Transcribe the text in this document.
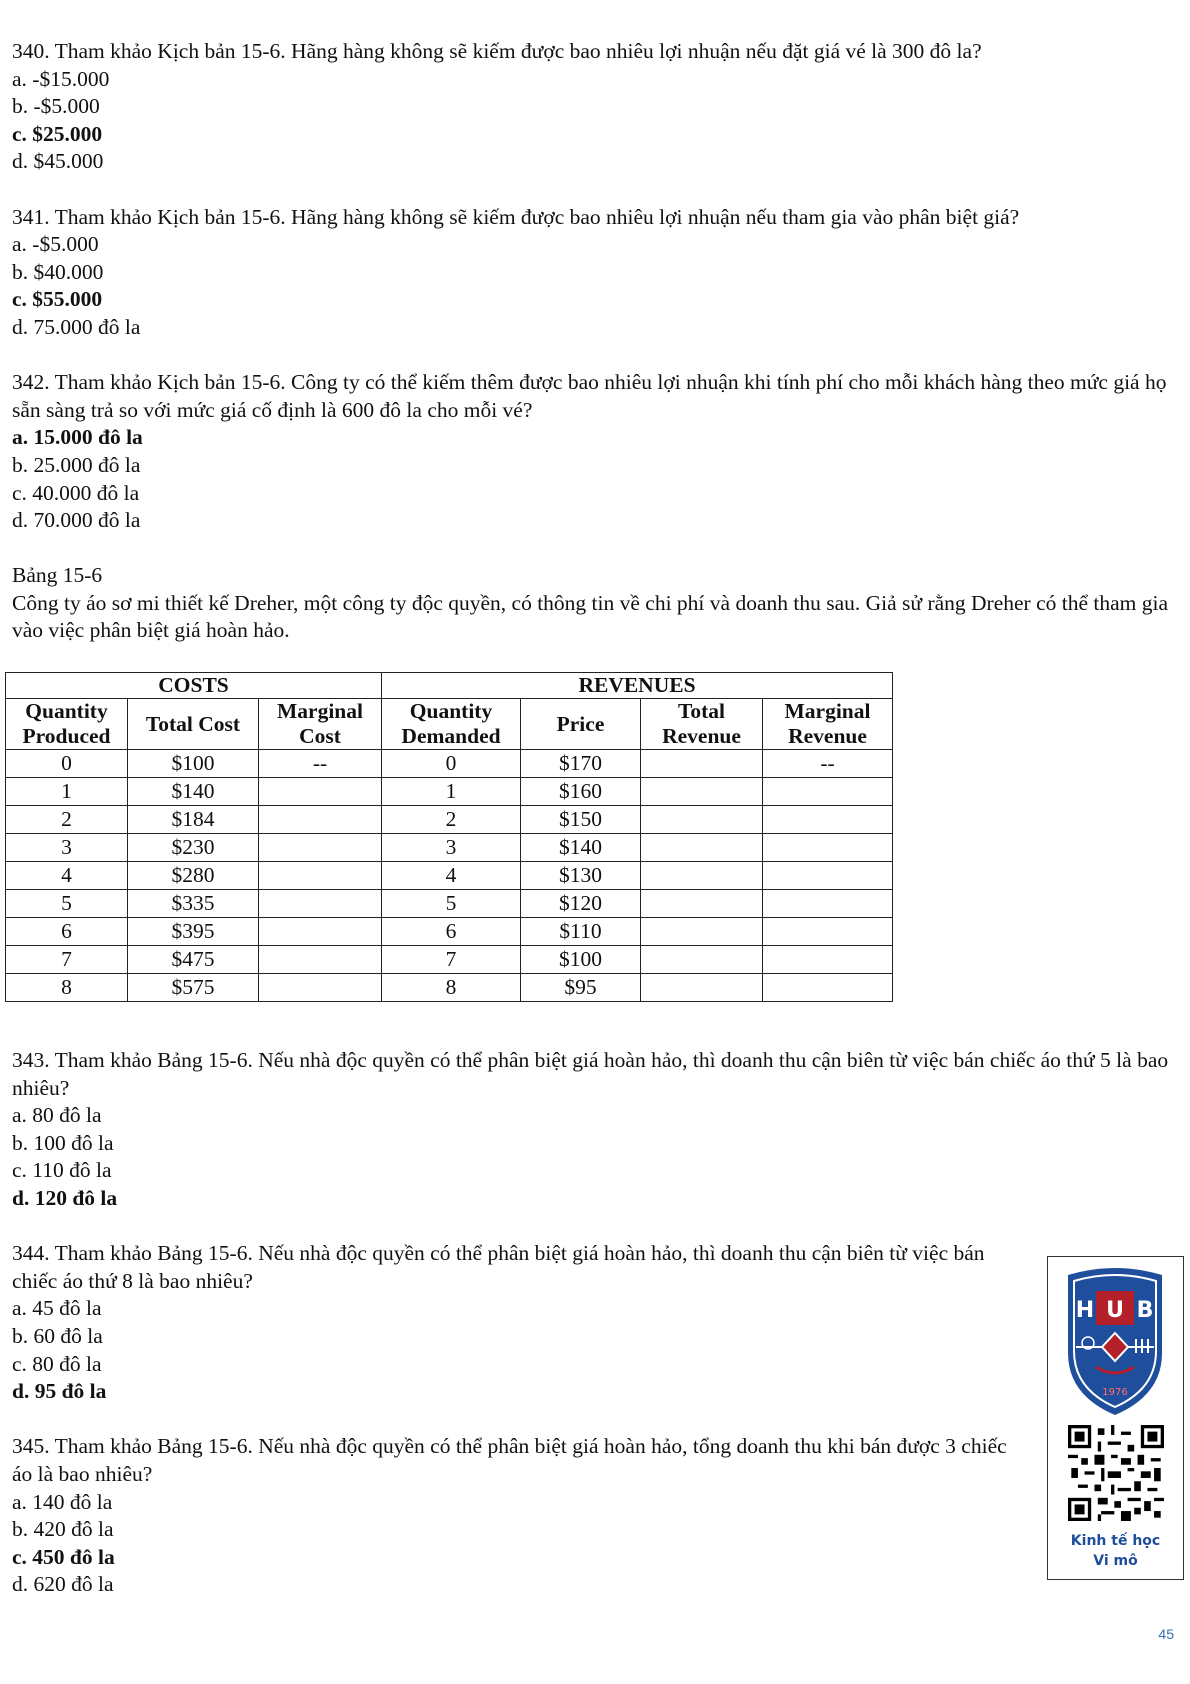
340. Tham khảo Kịch bản 15-6. Hãng hàng không sẽ kiếm được bao nhiêu lợi nhuận nếu đặt giá vé là 300 đô la?

a. -$15.000

b. -$5.000

c. $25.000

d. $45.000

341. Tham khảo Kịch bản 15-6. Hãng hàng không sẽ kiếm được bao nhiêu lợi nhuận nếu tham gia vào phân biệt giá?

a. -$5.000

b. $40.000

c. $55.000

d. 75.000 đô la

342. Tham khảo Kịch bản 15-6. Công ty có thể kiếm thêm được bao nhiêu lợi nhuận khi tính phí cho mỗi khách hàng theo mức giá họ sẵn sàng trả so với mức giá cố định là 600 đô la cho mỗi vé?

a. 15.000 đô la

b. 25.000 đô la

c. 40.000 đô la

d. 70.000 đô la

Bảng 15-6

Công ty áo sơ mi thiết kế Dreher, một công ty độc quyền, có thông tin về chi phí và doanh thu sau. Giả sử rằng Dreher có thể tham gia vào việc phân biệt giá hoàn hảo.

COSTS			REVENUES			
Quantity Produced	Total Cost	Marginal Cost	Quantity Demanded	Price	Total Revenue	Marginal Revenue
0	$100	--	0	$170		--
1	$140		1	$160		
2	$184		2	$150		
3	$230		3	$140		
4	$280		4	$130		
5	$335		5	$120		
6	$395		6	$110		
7	$475		7	$100		
8	$575		8	$95		

343. Tham khảo Bảng 15-6. Nếu nhà độc quyền có thể phân biệt giá hoàn hảo, thì doanh thu cận biên từ việc bán chiếc áo thứ 5 là bao nhiêu?

a. 80 đô la

b. 100 đô la

c. 110 đô la

d. 120 đô la

344. Tham khảo Bảng 15-6. Nếu nhà độc quyền có thể phân biệt giá hoàn hảo, thì doanh thu cận biên từ việc bán chiếc áo thứ 8 là bao nhiêu?

a. 45 đô la

b. 60 đô la

c. 80 đô la

d. 95 đô la

345. Tham khảo Bảng 15-6. Nếu nhà độc quyền có thể phân biệt giá hoàn hảo, tổng doanh thu khi bán được 3 chiếc áo là bao nhiêu?

a. 140 đô la

b. 420 đô la

c. 450 đô la

d. 620 đô la

H U B
1976
Kinh tế học
Vi mô
45
